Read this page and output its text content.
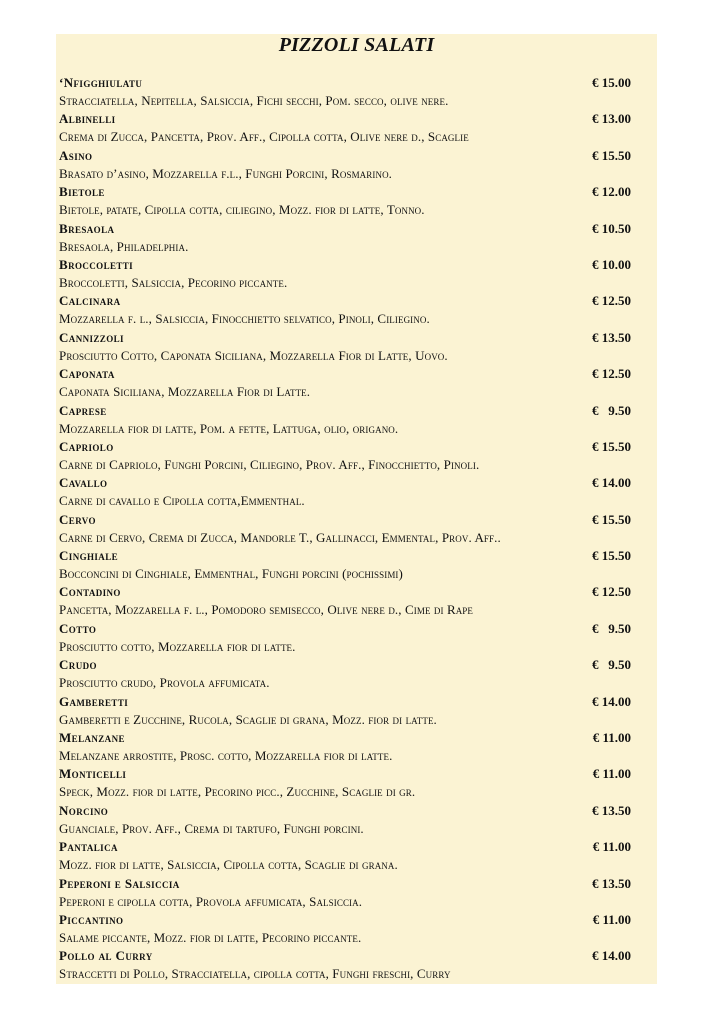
PIZZOLI SALATI
‘Nfigghiulatu	€ 15.00
Stracciatella, Nepitella, Salsiccia, Fichi secchi, Pom. secco, olive nere.
Albinelli	€ 13.00
Crema di Zucca, Pancetta, Prov. Aff., Cipolla cotta, Olive nere d., Scaglie
Asino	€ 15.50
Brasato d’asino, Mozzarella f.l., Funghi Porcini, Rosmarino.
Bietole	€ 12.00
Bietole, patate, Cipolla cotta, ciliegino, Mozz. fior di latte, Tonno.
Bresaola	€ 10.50
Bresaola, Philadelphia.
Broccoletti	€ 10.00
Broccoletti, Salsiccia, Pecorino piccante.
Calcinara	€ 12.50
Mozzarella f. l., Salsiccia, Finocchietto selvatico, Pinoli, Ciliegino.
Cannizzoli	€ 13.50
Prosciutto Cotto, Caponata Siciliana, Mozzarella Fior di Latte, Uovo.
Caponata	€ 12.50
Caponata Siciliana, Mozzarella Fior di Latte.
Caprese	€   9.50
Mozzarella fior di latte, Pom. a fette, Lattuga, olio, origano.
Capriolo	€ 15.50
Carne di Capriolo, Funghi Porcini, Ciliegino, Prov. Aff., Finocchietto, Pinoli.
Cavallo	€ 14.00
Carne di cavallo e Cipolla cotta,Emmenthal.
Cervo	€ 15.50
Carne di Cervo, Crema di Zucca, Mandorle T., Gallinacci, Emmental, Prov. Aff..
Cinghiale	€ 15.50
Bocconcini di Cinghiale, Emmenthal, Funghi porcini (pochissimi)
Contadino	€ 12.50
Pancetta, Mozzarella f. l., Pomodoro semisecco, Olive nere d., Cime di Rape
Cotto	€   9.50
Prosciutto cotto, Mozzarella fior di latte.
Crudo	€   9.50
Prosciutto crudo, Provola affumicata.
Gamberetti	€ 14.00
Gamberetti e Zucchine, Rucola, Scaglie di grana, Mozz. fior di latte.
Melanzane	€ 11.00
Melanzane arrostite, Prosc. cotto, Mozzarella fior di latte.
Monticelli	€ 11.00
Speck, Mozz. fior di latte, Pecorino picc., Zucchine, Scaglie di gr.
Norcino	€ 13.50
Guanciale, Prov. Aff., Crema di tartufo, Funghi porcini.
Pantalica	€ 11.00
Mozz. fior di latte, Salsiccia, Cipolla cotta, Scaglie di grana.
Peperoni e Salsiccia	€ 13.50
Peperoni e cipolla cotta, Provola affumicata, Salsiccia.
Piccantino	€ 11.00
Salame piccante, Mozz. fior di latte, Pecorino piccante.
Pollo al Curry	€ 14.00
Straccetti di Pollo, Stracciatella, cipolla cotta, Funghi freschi, Curry
